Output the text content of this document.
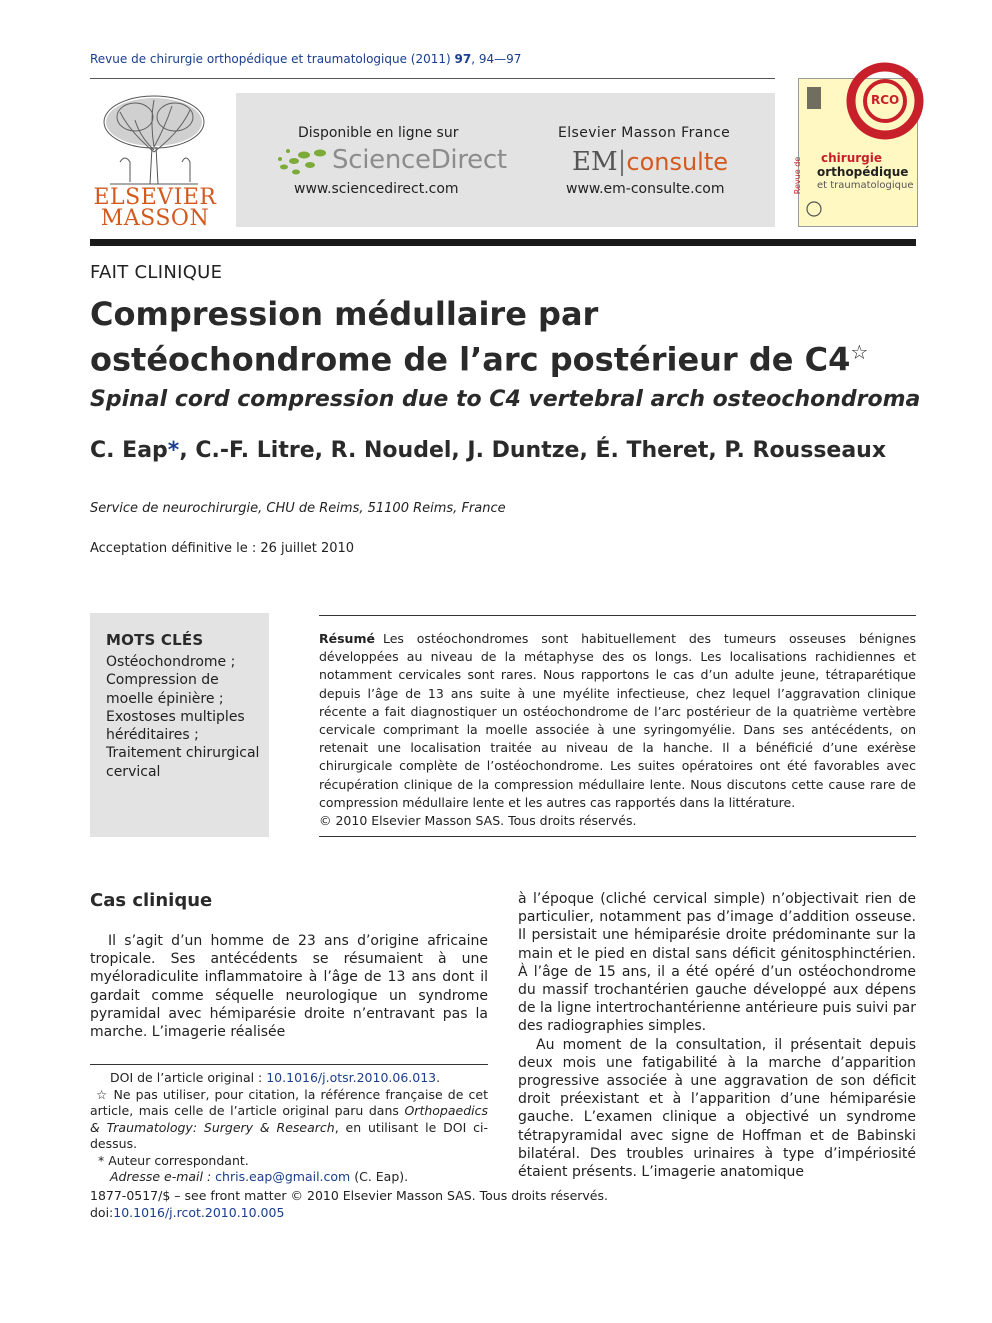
Revue de chirurgie orthopédique et traumatologique (2011) 97, 94—97
ELSEVIER
MASSON
Disponible en ligne sur
ScienceDirect
www.sciencedirect.com
Elsevier Masson France
EM|consulte
www.em-consulte.com
RCO
Revue de chirurgie
orthopédique
et traumatologique
FAIT CLINIQUE
Compression médullaire par ostéochondrome de l’arc postérieur de C4☆
Spinal cord compression due to C4 vertebral arch osteochondroma
C. Eap*, C.-F. Litre, R. Noudel, J. Duntze, É. Theret, P. Rousseaux
Service de neurochirurgie, CHU de Reims, 51100 Reims, France
Acceptation définitive le : 26 juillet 2010
MOTS CLÉS
Ostéochondrome ;
Compression de moelle épinière ;
Exostoses multiples héréditaires ;
Traitement chirurgical cervical
Résumé Les ostéochondromes sont habituellement des tumeurs osseuses bénignes développées au niveau de la métaphyse des os longs. Les localisations rachidiennes et notamment cervicales sont rares. Nous rapportons le cas d’un adulte jeune, tétraparétique depuis l’âge de 13 ans suite à une myélite infectieuse, chez lequel l’aggravation clinique récente a fait diagnostiquer un ostéochondrome de l’arc postérieur de la quatrième vertèbre cervicale comprimant la moelle associée à une syringomyélie. Dans ses antécédents, on retenait une localisation traitée au niveau de la hanche. Il a bénéficié d’une exérèse chirurgicale complète de l’ostéochondrome. Les suites opératoires ont été favorables avec récupération clinique de la compression médullaire lente. Nous discutons cette cause rare de compression médullaire lente et les autres cas rapportés dans la littérature.
© 2010 Elsevier Masson SAS. Tous droits réservés.
Cas clinique

Il s’agit d’un homme de 23 ans d’origine africaine tropicale. Ses antécédents se résumaient à une myéloradiculite inflammatoire à l’âge de 13 ans dont il gardait comme séquelle neurologique un syndrome pyramidal avec hémiparésie droite n’entravant pas la marche. L’imagerie réalisée

à l’époque (cliché cervical simple) n’objectivait rien de particulier, notamment pas d’image d’addition osseuse. Il persistait une hémiparésie droite prédominante sur la main et le pied en distal sans déficit génitosphinctérien. À l’âge de 15 ans, il a été opéré d’un ostéochondrome du massif trochantérien gauche développé aux dépens de la ligne intertrochantérienne antérieure puis suivi par des radiographies simples.

Au moment de la consultation, il présentait depuis deux mois une fatigabilité à la marche d’apparition progressive associée à une aggravation de son déficit droit préexistant et à l’apparition d’une hémiparésie gauche. L’examen clinique a objectivé un syndrome tétrapyramidal avec signe de Hoffman et de Babinski bilatéral. Des troubles urinaires à type d’impériosité étaient présents. L’imagerie anatomique

DOI de l’article original : 10.1016/j.otsr.2010.06.013.

☆ Ne pas utiliser, pour citation, la référence française de cet article, mais celle de l’article original paru dans Orthopaedics & Traumatology: Surgery & Research, en utilisant le DOI ci-dessus.

* Auteur correspondant.

Adresse e-mail : chris.eap@gmail.com (C. Eap).

1877-0517/$ – see front matter © 2010 Elsevier Masson SAS. Tous droits réservés.
doi:10.1016/j.rcot.2010.10.005
